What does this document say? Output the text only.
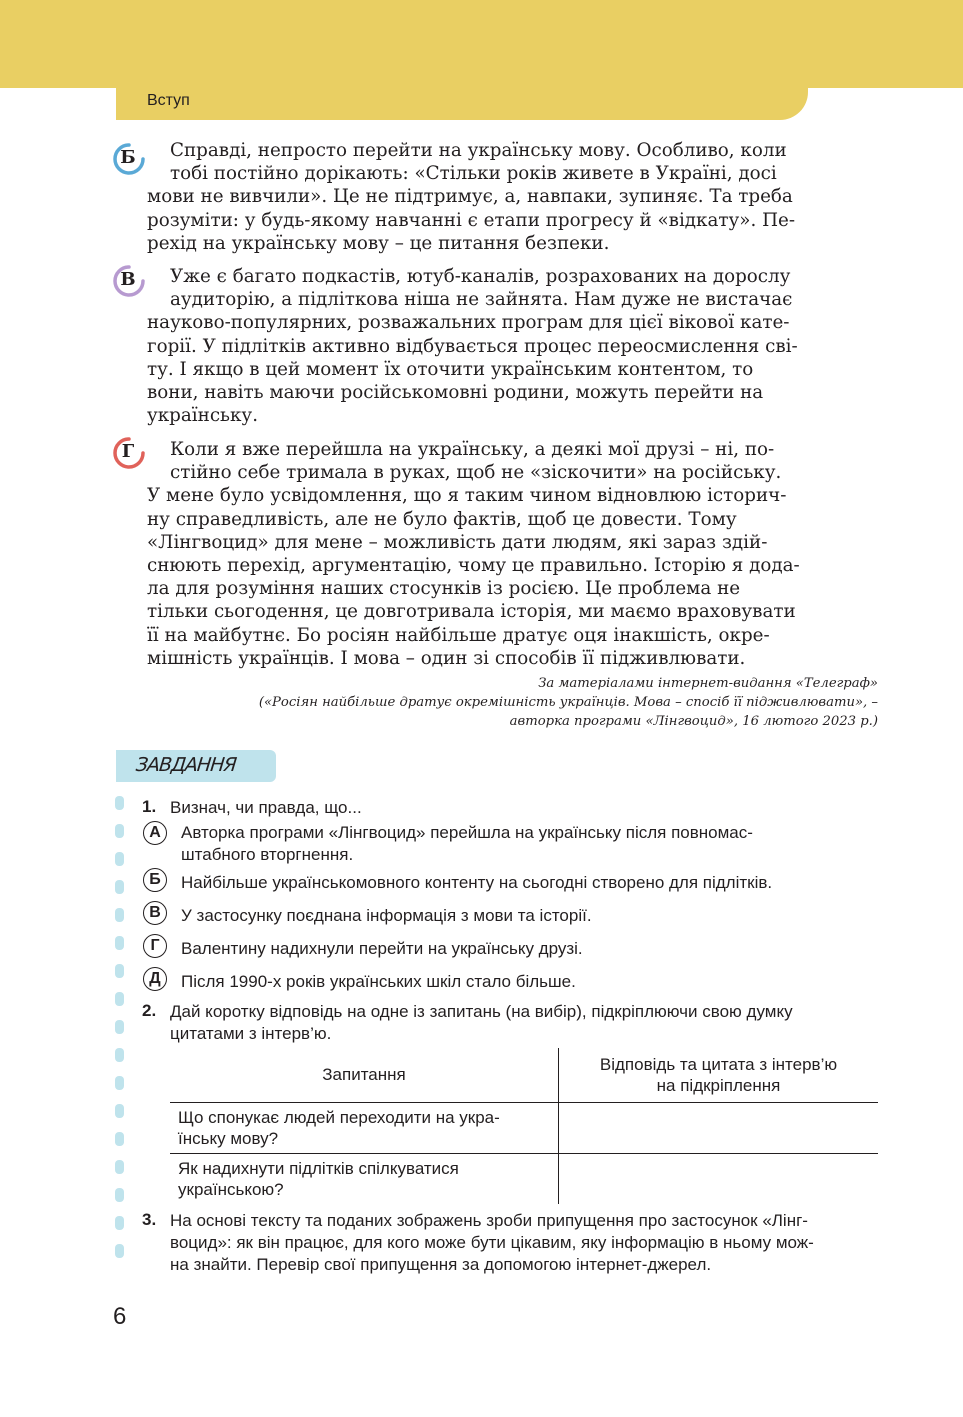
Вступ
Б	Справді, непросто перейти на українську мову. Особливо, коли
тобі постійно дорікають: «Стільки років живете в Україні, досі
мови не вивчили». Це не підтримує, а, навпаки, зупиняє. Та треба
розуміти: у будь-якому навчанні є етапи прогресу й «відкату». Пе-
рехід на українську мову – це питання безпеки.
В	Уже є багато подкастів, ютуб-каналів, розрахованих на дорослу
аудиторію, а підліткова ніша не зайнята. Нам дуже не вистачає
науково-популярних, розважальних програм для цієї вікової кате-
горії. У підлітків активно відбувається процес переосмислення сві-
ту. І якщо в цей момент їх оточити українським контентом, то
вони, навіть маючи російськомовні родини, можуть перейти на
українську.
Г	Коли я вже перейшла на українську, а деякі мої друзі – ні, по-
стійно себе тримала в руках, щоб не «зіскочити» на російську.
У мене було усвідомлення, що я таким чином відновлюю історич-
ну справедливість, але не було фактів, щоб це довести. Тому
«Лінгвоцид» для мене – можливість дати людям, які зараз здій-
снюють перехід, аргументацію, чому це правильно. Історію я дода-
ла для розуміння наших стосунків із росією. Це проблема не
тільки сьогодення, це довготривала історія, ми маємо враховувати
її на майбутнє. Бо росіян найбільше дратує оця інакшість, окре-
мішність українців. І мова – один зі способів її підживлювати.
За матеріалами інтернет-видання «Телеграф»
(«Росіян найбільше дратує окремішність українців. Мова – спосіб її підживлювати», –
авторка програми «Лінгвоцид», 16 лютого 2023 р.)
ЗАВДАННЯ
1. Визнач, чи правда, що...
А	Авторка програми «Лінгвоцид» перейшла на українську після повномас-
штабного вторгнення.
Б	Найбільше українськомовного контенту на сьогодні створено для підлітків.
В	У застосунку поєднана інформація з мови та історії.
Г	Валентину надихнули перейти на українську друзі.
Д	Після 1990-х років українських шкіл стало більше.
2. Дай коротку відповідь на одне із запитань (на вибір), підкріплюючи свою думку
цитатами з інтерв’ю.
Запитання	Відповідь та цитата з інтерв’ю
на підкріплення

Що спонукає людей переходити на укра-
їнську мову?	

Як надихнути підлітків спілкуватися
українською?	

3. На основі тексту та поданих зображень зроби припущення про застосунок «Лінг-
воцид»: як він працює, для кого може бути цікавим, яку інформацію в ньому мож-
на знайти. Перевір свої припущення за допомогою інтернет-джерел.
6
